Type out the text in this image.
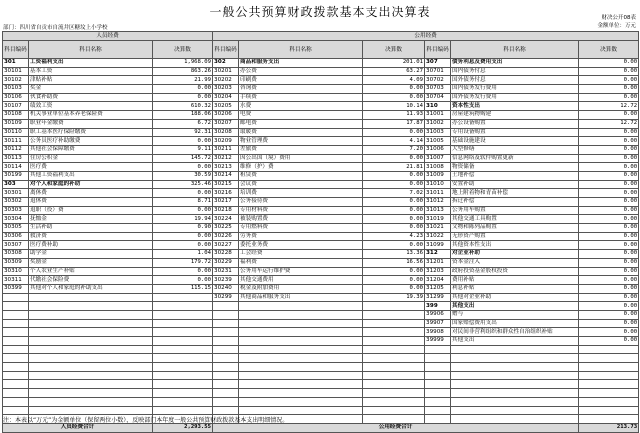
一般公共预算财政拨款基本支出决算表	财决公开08表
金额单位：万元
部门：四川省自贡市自流井区糖坟上小学校
人员经费			公用经费					
科目编码	科目名称	决算数	科目编码	科目名称	决算数	科目编码	科目名称	决算数
301	工资福利支出	1,968.09	302	商品和服务支出	201.01	307	债务利息及费用支出	0.00
30101	基本工资	863.26	30201	办公费	63.27	30701	国内债务付息	0.00
30102	津贴补贴	21.99	30202	印刷费	4.09	30702	国外债务付息	0.00
30103	奖金	0.00	30203	咨询费	0.00	30703	国内债务发行费用	0.00
30106	伙食补助费	0.00	30204	手续费	0.00	30704	国外债务发行费用	0.00
30107	绩效工资	610.32	30205	水费	10.14	310	资本性支出	12.72
30108	机关事业单位基本养老保险费	188.06	30206	电费	11.93	31001	房屋建筑物购建	0.00
30109	职业年金缴费	6.72	30207	邮电费	17.87	31002	办公设备购置	12.72
30110	职工基本医疗保险缴费	92.31	30208	取暖费	0.00	31003	专用设备购置	0.00
30111	公务员医疗补助缴费	0.00	30209	物业管理费	4.14	31005	基础设施建设	0.00
30112	其他社会保障缴费	9.11	30211	差旅费	7.20	31006	大型修缮	0.00
30113	住房公积金	145.72	30212	因公出国（境）费用	0.00	31007	信息网络及软件购置更新	0.00
30114	医疗费	0.00	30213	维修（护）费	21.81	31008	物资储备	0.00
30199	其他工资福利支出	30.59	30214	租赁费	0.00	31009	土地补偿	0.00
303	对个人和家庭的补助	325.46	30215	会议费	0.00	31010	安置补助	0.00
30301	离休费	0.00	30216	培训费	7.02	31011	地上附着物和青苗补偿	0.00
30302	退休费	8.71	30217	公务接待费	0.00	31012	拆迁补偿	0.00
30303	退职（役）费	0.00	30218	专用材料费	0.00	31013	公务用车购置	0.00
30304	抚恤金	19.94	30224	被装购置费	0.00	31019	其他交通工具购置	0.00
30305	生活补助	0.90	30225	专用燃料费	0.00	31021	文物和陈列品购置	0.00
30306	救济费	0.00	30226	劳务费	4.23	31022	无形资产购置	0.00
30307	医疗费补助	0.00	30227	委托业务费	0.00	31099	其他资本性支出	0.00
30308	助学金	1.04	30228	工会经费	13.36	312	对企业补助	0.00
30309	奖励金	179.72	30229	福利费	16.56	31201	资本金注入	0.00
30310	个人农业生产补贴	0.00	30231	公务用车运行维护费	0.00	31203	政府投资基金股权投资	0.00
30311	代缴社会保险费	0.00	30239	其他交通费用	0.00	31204	费用补贴	0.00
30399	其他对个人和家庭的补助支出	115.15	30240	税金及附加费用	0.00	31205	利息补贴	0.00
			30299	其他商品和服务支出	19.39	31299	其他对企业补助	0.00
						399	其他支出	0.00
						39906	赠与	0.00
						39907	国家赔偿费用支出	0.00
						39908	对民间非营利组织和群众性自治组织补贴	0.00
						39999	其他支出	0.00

人员经费合计		2,293.55	公用经费合计					213.73
注：本表以“万元”为金额单位（保留两位小数），反映部门本年度一般公共预算财政拨款基本支出明细情况。
